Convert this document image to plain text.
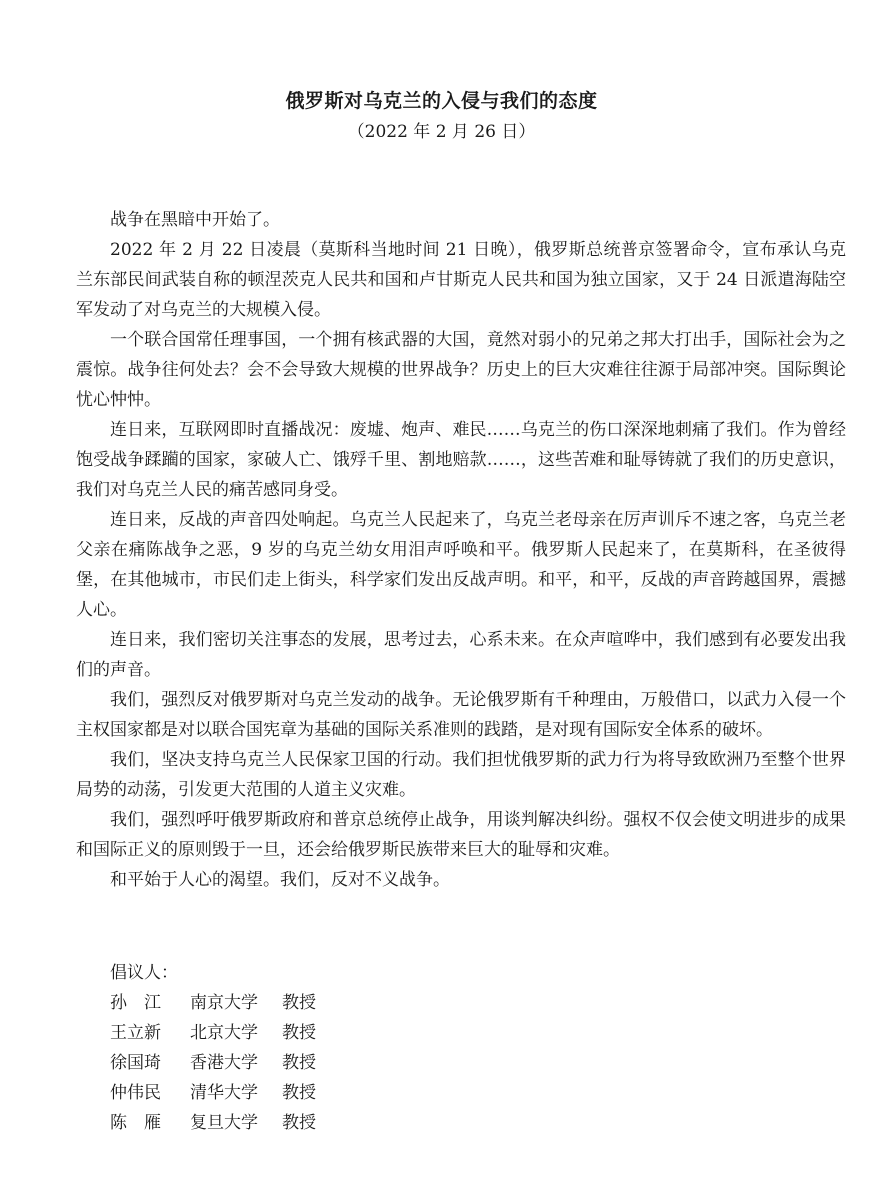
俄罗斯对乌克兰的入侵与我们的态度
（2022 年 2 月 26 日）

战争在黑暗中开始了。

2022 年 2 月 22 日凌晨（莫斯科当地时间 21 日晚），俄罗斯总统普京签署命令，宣布承认乌克兰东部民间武装自称的顿涅茨克人民共和国和卢甘斯克人民共和国为独立国家，又于 24 日派遣海陆空军发动了对乌克兰的大规模入侵。

一个联合国常任理事国，一个拥有核武器的大国，竟然对弱小的兄弟之邦大打出手，国际社会为之震惊。战争往何处去？会不会导致大规模的世界战争？历史上的巨大灾难往往源于局部冲突。国际舆论忧心忡忡。

连日来，互联网即时直播战况：废墟、炮声、难民……乌克兰的伤口深深地刺痛了我们。作为曾经饱受战争蹂躏的国家，家破人亡、饿殍千里、割地赔款……，这些苦难和耻辱铸就了我们的历史意识，我们对乌克兰人民的痛苦感同身受。

连日来，反战的声音四处响起。乌克兰人民起来了，乌克兰老母亲在厉声训斥不速之客，乌克兰老父亲在痛陈战争之恶，9 岁的乌克兰幼女用泪声呼唤和平。俄罗斯人民起来了，在莫斯科，在圣彼得堡，在其他城市，市民们走上街头，科学家们发出反战声明。和平，和平，反战的声音跨越国界，震撼人心。

连日来，我们密切关注事态的发展，思考过去，心系未来。在众声喧哗中，我们感到有必要发出我们的声音。

我们，强烈反对俄罗斯对乌克兰发动的战争。无论俄罗斯有千种理由，万般借口，以武力入侵一个主权国家都是对以联合国宪章为基础的国际关系准则的践踏，是对现有国际安全体系的破坏。

我们，坚决支持乌克兰人民保家卫国的行动。我们担忧俄罗斯的武力行为将导致欧洲乃至整个世界局势的动荡，引发更大范围的人道主义灾难。

我们，强烈呼吁俄罗斯政府和普京总统停止战争，用谈判解决纠纷。强权不仅会使文明进步的成果和国际正义的原则毁于一旦，还会给俄罗斯民族带来巨大的耻辱和灾难。

和平始于人心的渴望。我们，反对不义战争。

倡议人：
孙　江	南京大学	教授
王立新	北京大学	教授
徐国琦	香港大学	教授
仲伟民	清华大学	教授
陈　雁	复旦大学	教授
